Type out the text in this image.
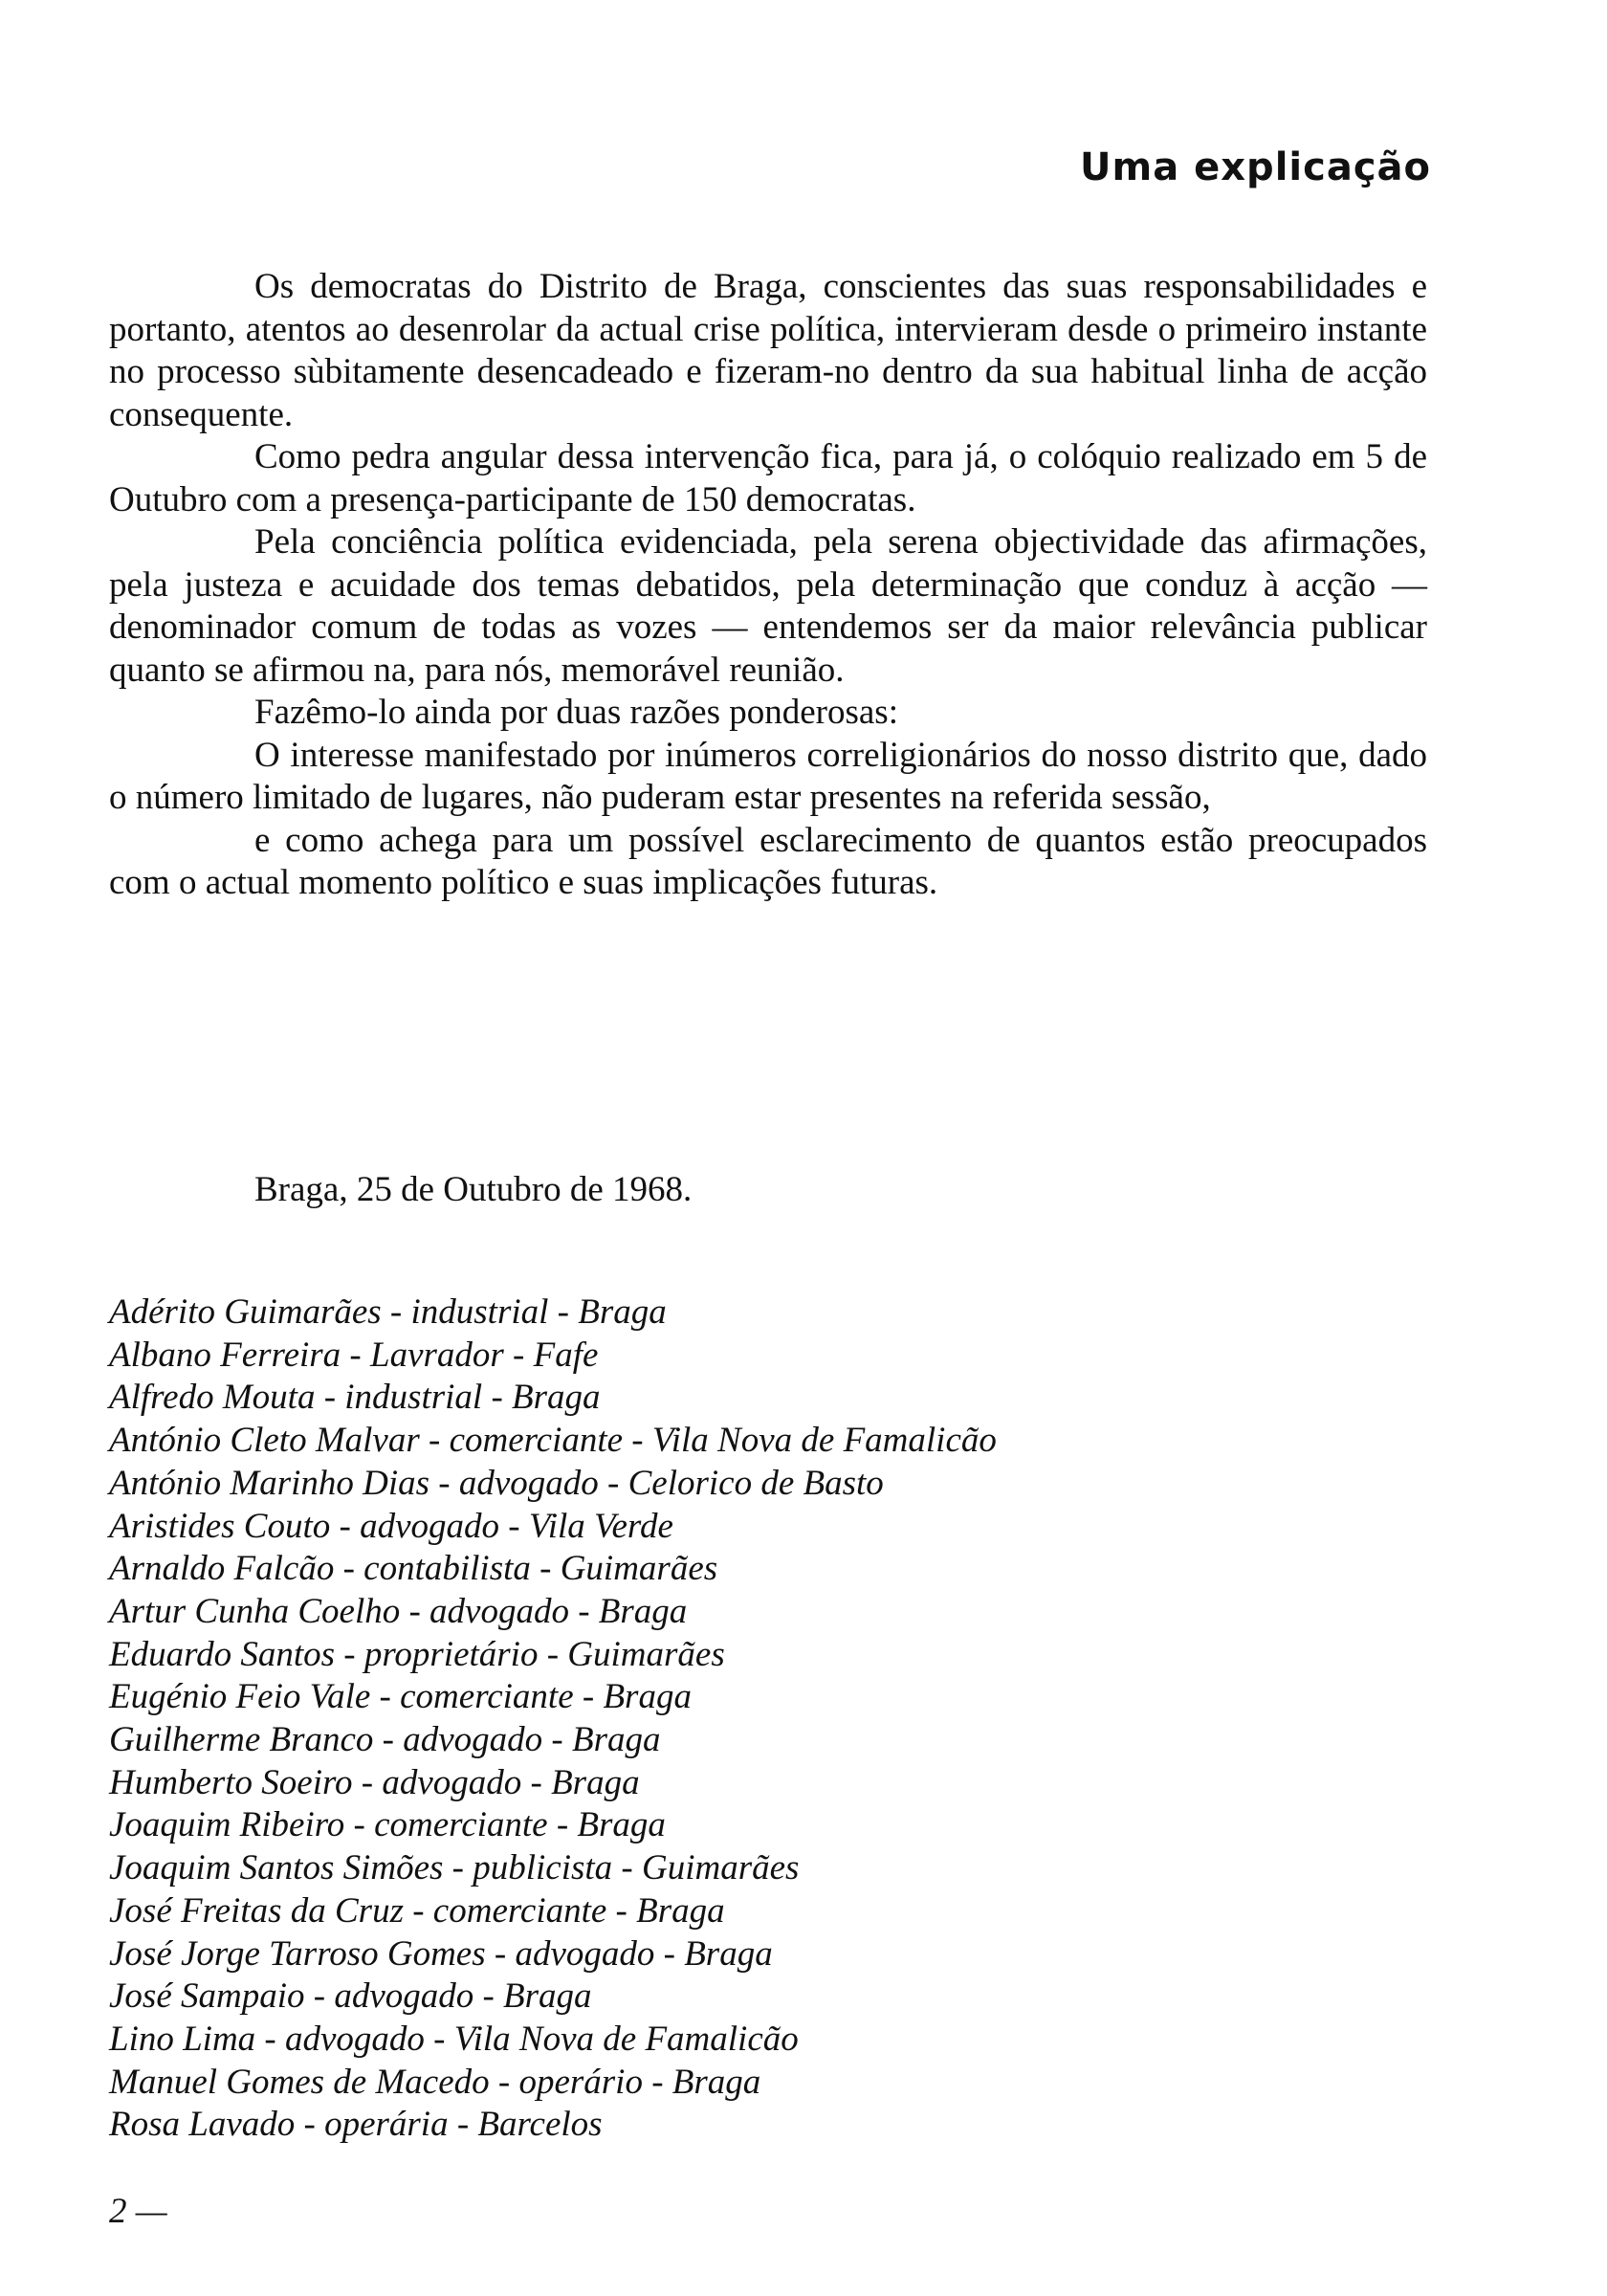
Uma explicação

Os democratas do Distrito de Braga, conscientes das suas responsabilidades e portanto, atentos ao desenrolar da actual crise política, intervieram desde o primeiro instante no processo sùbitamente desencadeado e fizeram-no dentro da sua habitual linha de acção consequente.

Como pedra angular dessa intervenção fica, para já, o colóquio realizado em 5 de Outubro com a presença-participante de 150 democratas.

Pela conciência política evidenciada, pela serena objectividade das afirmações, pela justeza e acuidade dos temas debatidos, pela determinação que conduz à acção — denominador comum de todas as vozes — entendemos ser da maior relevância publicar quanto se afirmou na, para nós, memorável reunião.

Fazêmo-lo ainda por duas razões ponderosas:

O interesse manifestado por inúmeros correligionários do nosso distrito que, dado o número limitado de lugares, não puderam estar presentes na referida sessão,

e como achega para um possível esclarecimento de quantos estão preocupados com o actual momento político e suas implicações futuras.

Braga, 25 de Outubro de 1968.

Adérito Guimarães - industrial - Braga
Albano Ferreira - Lavrador - Fafe
Alfredo Mouta - industrial - Braga
António Cleto Malvar - comerciante - Vila Nova de Famalicão
António Marinho Dias - advogado - Celorico de Basto
Aristides Couto - advogado - Vila Verde
Arnaldo Falcão - contabilista - Guimarães
Artur Cunha Coelho - advogado - Braga
Eduardo Santos - proprietário - Guimarães
Eugénio Feio Vale - comerciante - Braga
Guilherme Branco - advogado - Braga
Humberto Soeiro - advogado - Braga
Joaquim Ribeiro - comerciante - Braga
Joaquim Santos Simões - publicista - Guimarães
José Freitas da Cruz - comerciante - Braga
José Jorge Tarroso Gomes - advogado - Braga
José Sampaio - advogado - Braga
Lino Lima - advogado - Vila Nova de Famalicão
Manuel Gomes de Macedo - operário - Braga
Rosa Lavado - operária - Barcelos

2 —
